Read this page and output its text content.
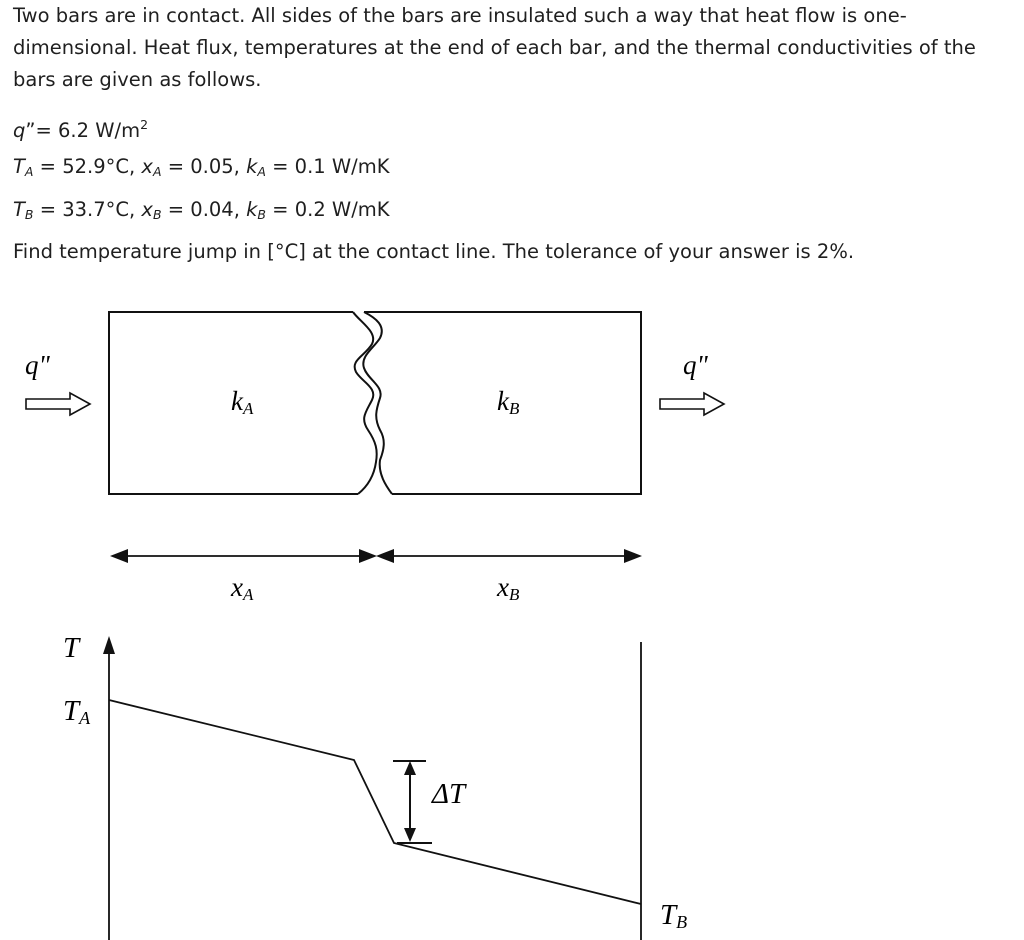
Two bars are in contact. All sides of the bars are insulated such a way that heat flow is one-dimensional. Heat flux, temperatures at the end of each bar, and the thermal conductivities of the bars are given as follows.
q”= 6.2 $W/m^2$
$T_A = 52.9^\circ C$, $x_A = 0.05$, $k_A = 0.1$ W/mK
$T_B = 33.7^\circ C$, $x_B = 0.04$, $k_B = 0.2$ W/mK
Find temperature jump in [°C] at the contact line. The tolerance of your answer is 2%.
q"	q"
kA	kB
xA	xB
T
TA
TB
ΔT
